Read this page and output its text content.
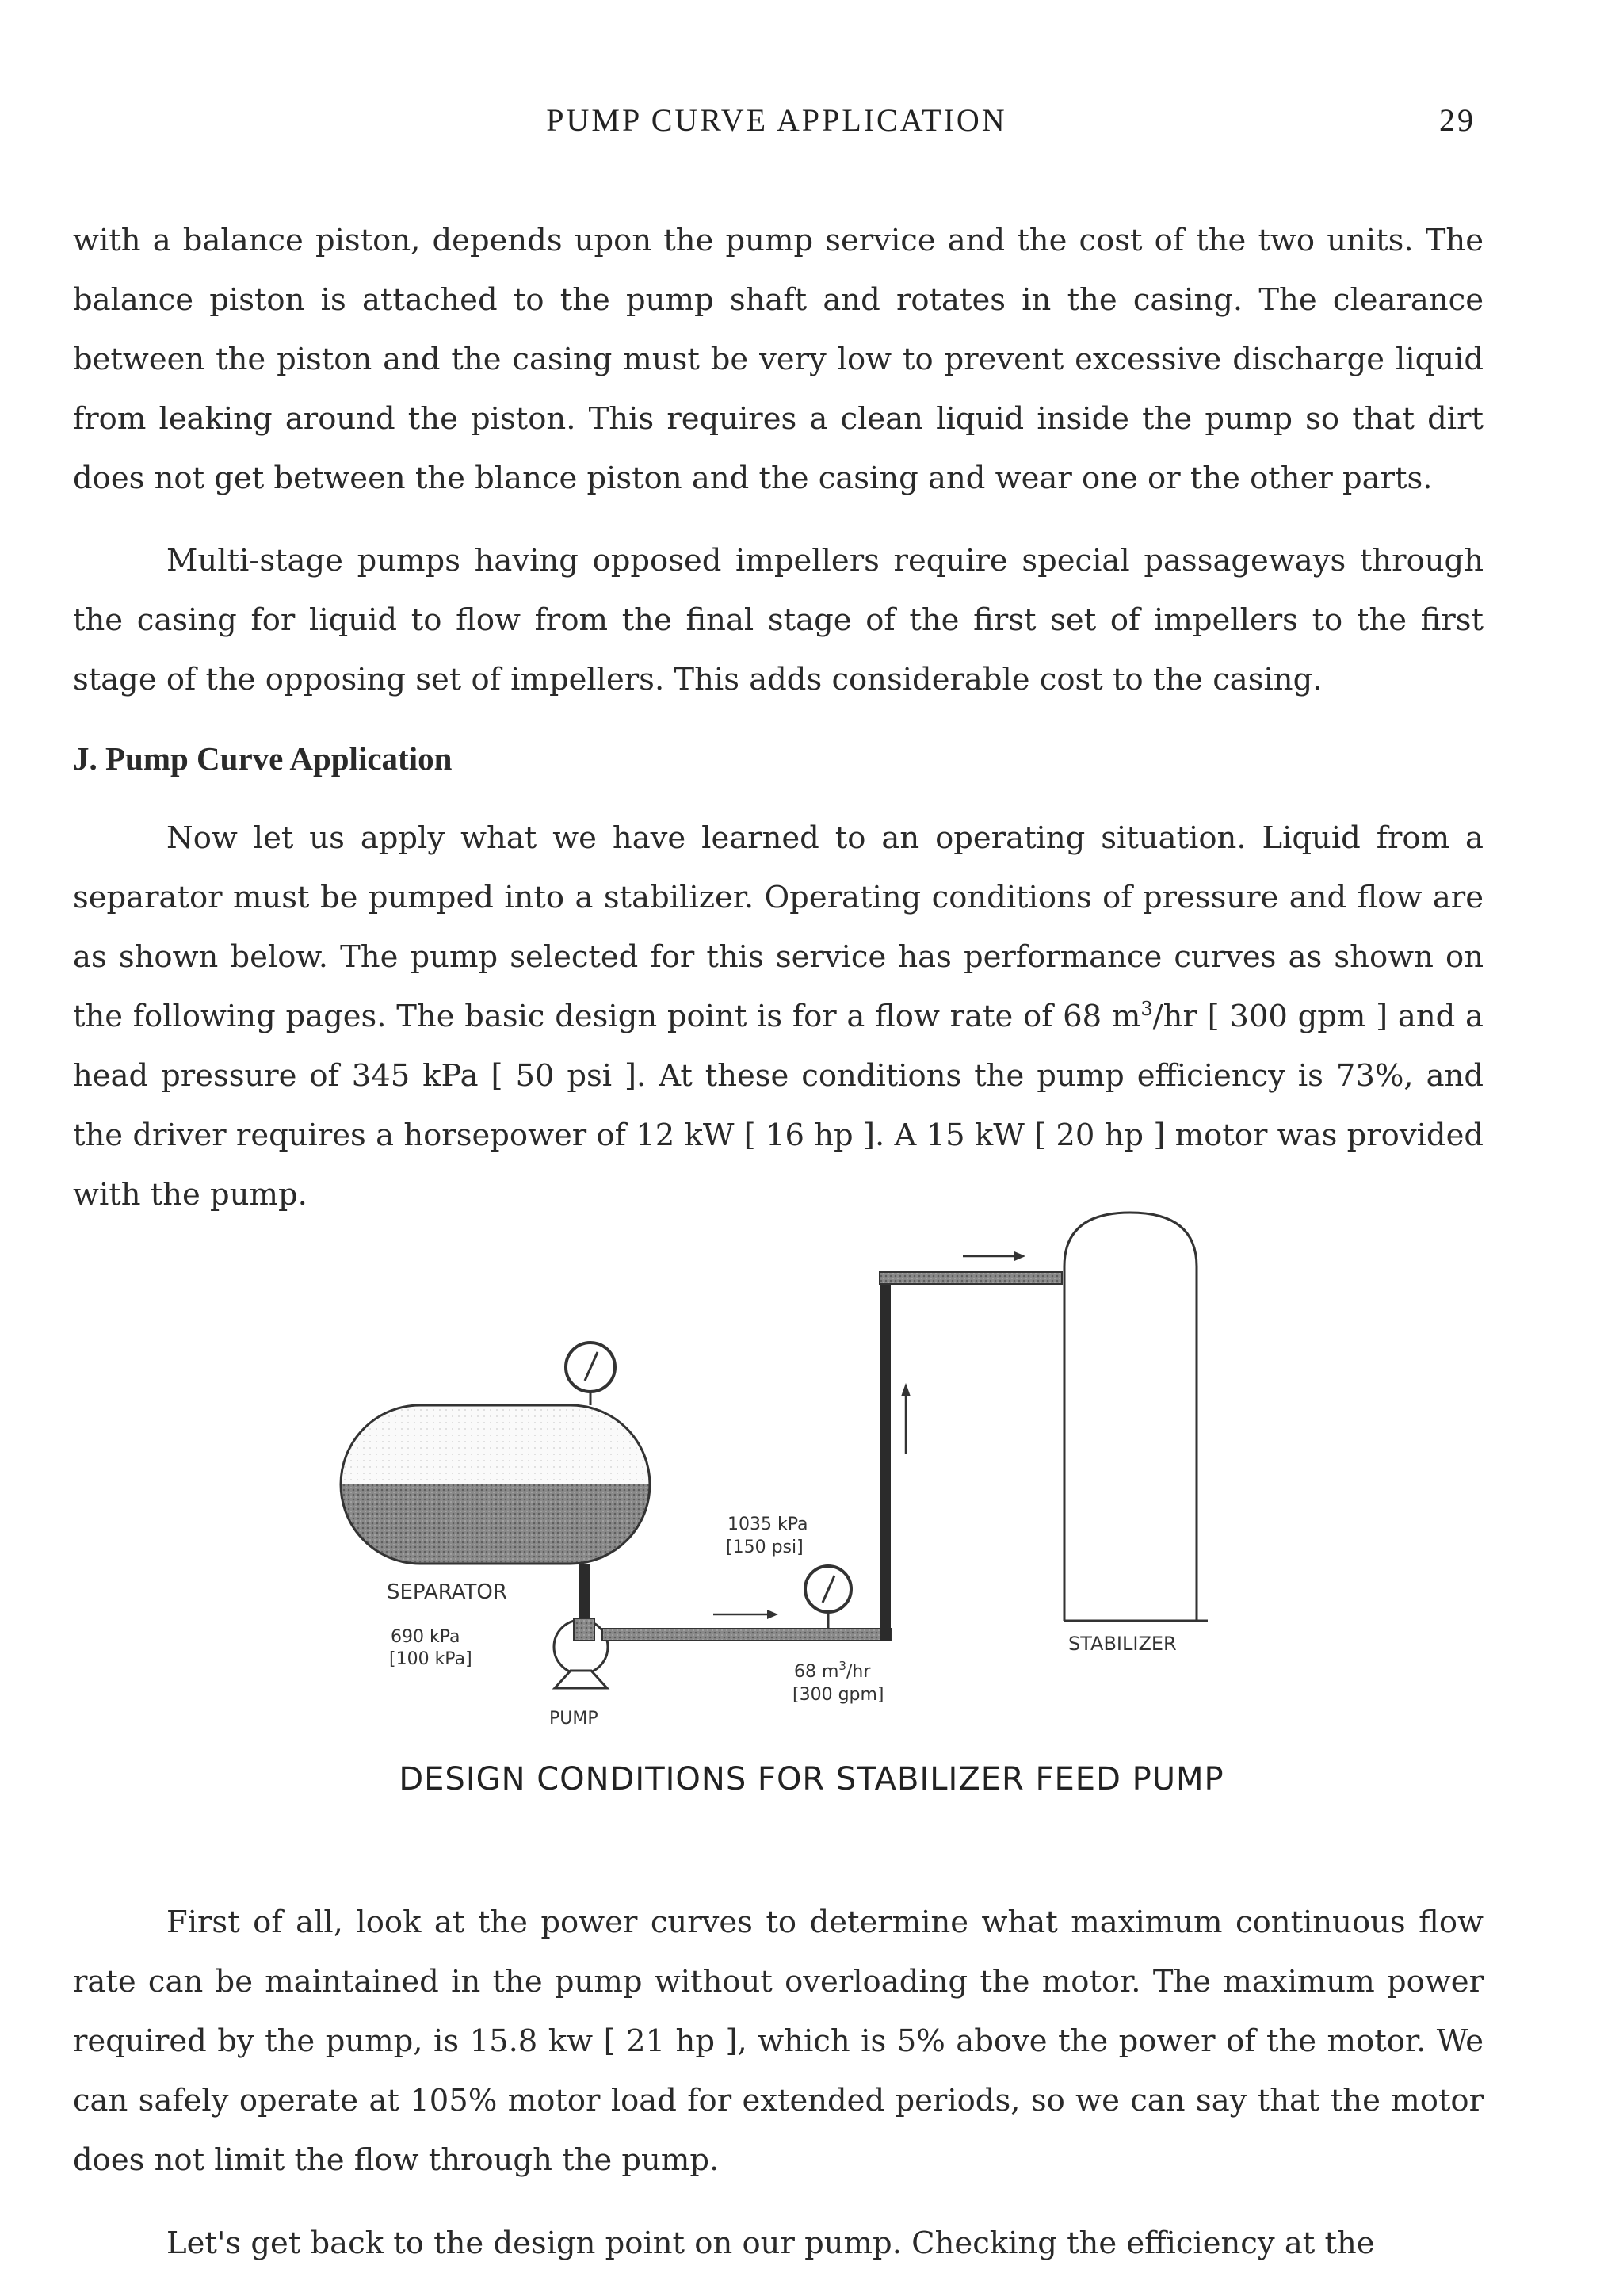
PUMP CURVE APPLICATION	29

with a balance piston, depends upon the pump service and the cost of the two units. The balance piston is attached to the pump shaft and rotates in the casing. The clearance between the piston and the casing must be very low to prevent excessive discharge liquid from leaking around the piston. This requires a clean liquid inside the pump so that dirt does not get between the blance piston and the casing and wear one or the other parts.

Multi-stage pumps having opposed impellers require special passageways through the casing for liquid to flow from the final stage of the first set of impellers to the first stage of the opposing set of impellers. This adds considerable cost to the casing.

J. Pump Curve Application

Now let us apply what we have learned to an operating situation. Liquid from a separator must be pumped into a stabilizer. Operating conditions of pressure and flow are as shown below. The pump selected for this service has performance curves as shown on the following pages. The basic design point is for a flow rate of 68 $m^3/hr$ [ 300 gpm ] and a head pressure of 345 kPa [ 50 psi ]. At these conditions the pump efficiency is 73%, and the driver requires a horsepower of 12 kW [ 16 hp ]. A 15 kW [ 20 hp ] motor was provided with the pump.

SEPARATOR
690 kPa
[100 kPa]
PUMP
1035 kPa
[150 psi]
68 $m^3/hr$
[300 gpm]
STABILIZER
DESIGN CONDITIONS FOR STABILIZER FEED PUMP

First of all, look at the power curves to determine what maximum continuous flow rate can be maintained in the pump without overloading the motor. The maximum power required by the pump, is 15.8 kw [ 21 hp ], which is 5% above the power of the motor. We can safely operate at 105% motor load for extended periods, so we can say that the motor does not limit the flow through the pump.

Let's get back to the design point on our pump. Checking the efficiency at the
